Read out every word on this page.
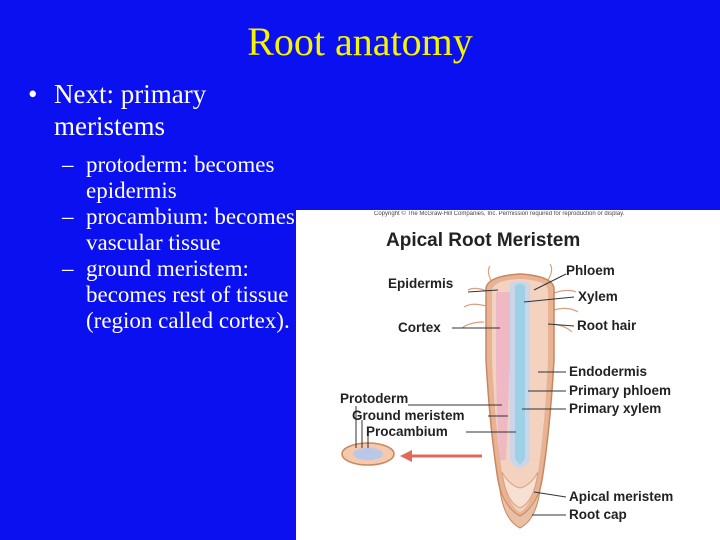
Root anatomy
• Next: primary meristems
– protoderm: becomes epidermis
– procambium: becomes vascular tissue
– ground meristem: becomes rest of tissue (region called cortex).
Copyright © The McGraw-Hill Companies, Inc. Permission required for reproduction or display.
Apical Root Meristem
Epidermis
Phloem
Xylem
Cortex	Root hair
Endodermis
Primary phloem
Primary xylem
Protoderm
Ground meristem
Procambium
Apical meristem
Root cap
